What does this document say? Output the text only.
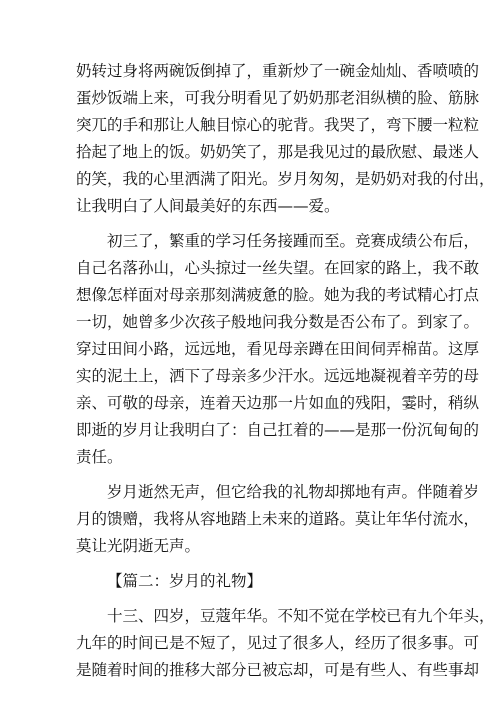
奶转过身将两碗饭倒掉了，重新炒了一碗金灿灿、香喷喷的
蛋炒饭端上来，可我分明看见了奶奶那老泪纵横的脸、筋脉
突兀的手和那让人触目惊心的驼背。我哭了，弯下腰一粒粒
拾起了地上的饭。奶奶笑了，那是我见过的最欣慰、最迷人
的笑，我的心里洒满了阳光。岁月匆匆，是奶奶对我的付出，
让我明白了人间最美好的东西——爱。
初三了，繁重的学习任务接踵而至。竞赛成绩公布后，
自己名落孙山，心头掠过一丝失望。在回家的路上，我不敢
想像怎样面对母亲那刻满疲惫的脸。她为我的考试精心打点
一切，她曾多少次孩子般地问我分数是否公布了。到家了。
穿过田间小路，远远地，看见母亲蹲在田间伺弄棉苗。这厚
实的泥土上，洒下了母亲多少汗水。远远地凝视着辛劳的母
亲、可敬的母亲，连着天边那一片如血的残阳，霎时，稍纵
即逝的岁月让我明白了：自己扛着的——是那一份沉甸甸的
责任。
岁月逝然无声，但它给我的礼物却掷地有声。伴随着岁
月的馈赠，我将从容地踏上未来的道路。莫让年华付流水，
莫让光阴逝无声。
【篇二：岁月的礼物】
十三、四岁，豆蔻年华。不知不觉在学校已有九个年头，
九年的时间已是不短了，见过了很多人，经历了很多事。可
是随着时间的推移大部分已被忘却，可是有些人、有些事却
